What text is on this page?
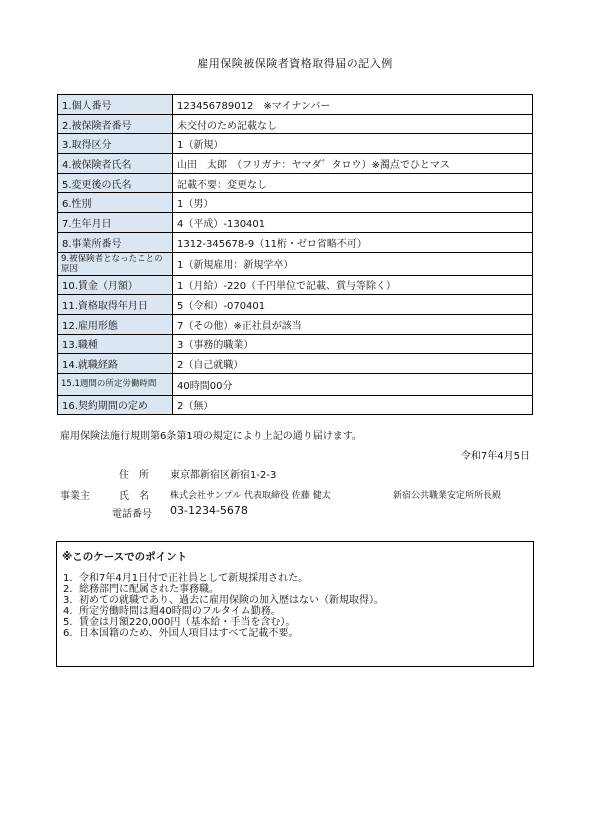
雇用保険被保険者資格取得届の記入例
1.個人番号	123456789012　※マイナンバー
2.被保険者番号	未交付のため記載なし
3.取得区分	1（新規）
4.被保険者氏名	山田　太郎　（フリガナ：ヤマダ゛タロウ）※濁点でひとマス
5.変更後の氏名	記載不要：変更なし
6.性別	1（男）
7.生年月日	4（平成）-130401
8.事業所番号	1312-345678-9（11桁・ゼロ省略不可）
9.被保険者となったことの原因	1（新規雇用：新規学卒）
10.賃金（月額）	1（月給）-220（千円単位で記載、賞与等除く）
11.資格取得年月日	5（令和）-070401
12.雇用形態	7（その他）※正社員が該当
13.職種	3（事務的職業）
14.就職経路	2（自己就職）
15.1週間の所定労働時間	40時間00分
16.契約期間の定め	2（無）
雇用保険法施行規則第6条第1項の規定により上記の通り届けます。
令和7年4月5日
住　所 東京都新宿区新宿1-2-3
事業主	氏　名 株式会社サンプル 代表取締役 佐藤 健太	新宿公共職業安定所所長殿
電話番号 03-1234-5678
※このケースでのポイント
1. 令和7年4月1日付で正社員として新規採用された。
2. 総務部門に配属された事務職。
3. 初めての就職であり、過去に雇用保険の加入歴はない（新規取得）。
4. 所定労働時間は週40時間のフルタイム勤務。
5. 賃金は月額220,000円（基本給・手当を含む）。
6. 日本国籍のため、外国人項目はすべて記載不要。
